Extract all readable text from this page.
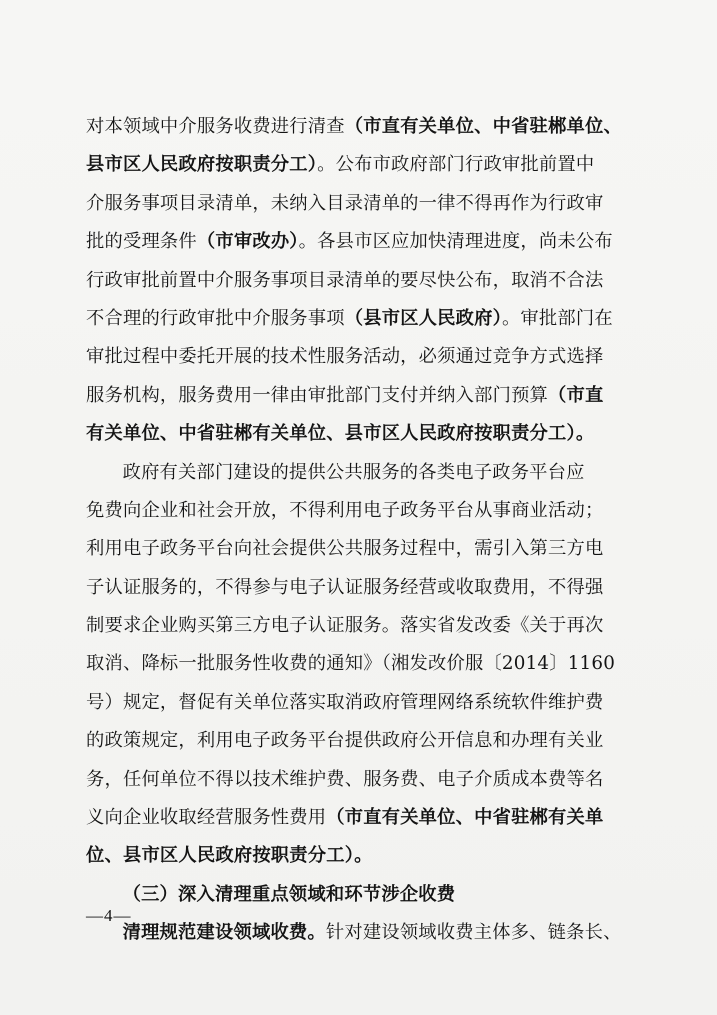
对本领域中介服务收费进行清查（市直有关单位、中省驻郴单位、
县市区人民政府按职责分工）。公布市政府部门行政审批前置中
介服务事项目录清单，未纳入目录清单的一律不得再作为行政审
批的受理条件（市审改办）。各县市区应加快清理进度，尚未公布
行政审批前置中介服务事项目录清单的要尽快公布，取消不合法
不合理的行政审批中介服务事项（县市区人民政府）。审批部门在
审批过程中委托开展的技术性服务活动，必须通过竞争方式选择
服务机构，服务费用一律由审批部门支付并纳入部门预算（市直
有关单位、中省驻郴有关单位、县市区人民政府按职责分工）。
政府有关部门建设的提供公共服务的各类电子政务平台应
免费向企业和社会开放，不得利用电子政务平台从事商业活动；
利用电子政务平台向社会提供公共服务过程中，需引入第三方电
子认证服务的，不得参与电子认证服务经营或收取费用，不得强
制要求企业购买第三方电子认证服务。落实省发改委《关于再次
取消、降标一批服务性收费的通知》（湘发改价服〔2014〕1160
号）规定，督促有关单位落实取消政府管理网络系统软件维护费
的政策规定，利用电子政务平台提供政府公开信息和办理有关业
务，任何单位不得以技术维护费、服务费、电子介质成本费等名
义向企业收取经营服务性费用（市直有关单位、中省驻郴有关单
位、县市区人民政府按职责分工）。
（三）深入清理重点领域和环节涉企收费
清理规范建设领域收费。针对建设领域收费主体多、链条长、
—4—
